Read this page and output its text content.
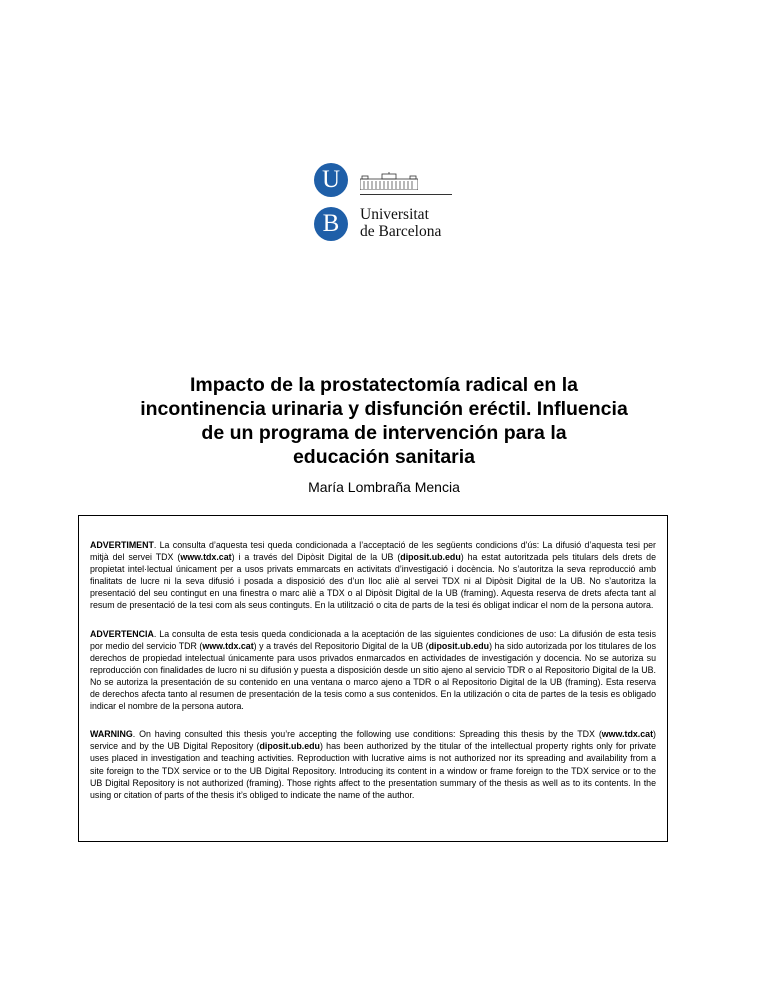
U
B	Universitat
de Barcelona
Impacto de la prostatectomía radical en la
incontinencia urinaria y disfunción eréctil. Influencia
de un programa de intervención para la
educación sanitaria

María Lombraña Mencia

ADVERTIMENT. La consulta d’aquesta tesi queda condicionada a l’acceptació de les següents condicions d'ús: La difusió d’aquesta tesi per mitjà del servei TDX (www.tdx.cat) i a través del Dipòsit Digital de la UB (diposit.ub.edu) ha estat autoritzada pels titulars dels drets de propietat intel·lectual únicament per a usos privats emmarcats en activitats d’investigació i docència. No s’autoritza la seva reproducció amb finalitats de lucre ni la seva difusió i posada a disposició des d’un lloc aliè al servei TDX ni al Dipòsit Digital de la UB. No s’autoritza la presentació del seu contingut en una finestra o marc aliè a TDX o al Dipòsit Digital de la UB (framing). Aquesta reserva de drets afecta tant al resum de presentació de la tesi com als seus continguts. En la utilització o cita de parts de la tesi és obligat indicar el nom de la persona autora.

ADVERTENCIA. La consulta de esta tesis queda condicionada a la aceptación de las siguientes condiciones de uso: La difusión de esta tesis por medio del servicio TDR (www.tdx.cat) y a través del Repositorio Digital de la UB (diposit.ub.edu) ha sido autorizada por los titulares de los derechos de propiedad intelectual únicamente para usos privados enmarcados en actividades de investigación y docencia. No se autoriza su reproducción con finalidades de lucro ni su difusión y puesta a disposición desde un sitio ajeno al servicio TDR o al Repositorio Digital de la UB. No se autoriza la presentación de su contenido en una ventana o marco ajeno a TDR o al Repositorio Digital de la UB (framing). Esta reserva de derechos afecta tanto al resumen de presentación de la tesis como a sus contenidos. En la utilización o cita de partes de la tesis es obligado indicar el nombre de la persona autora.

WARNING. On having consulted this thesis you’re accepting the following use conditions: Spreading this thesis by the TDX (www.tdx.cat) service and by the UB Digital Repository (diposit.ub.edu) has been authorized by the titular of the intellectual property rights only for private uses placed in investigation and teaching activities. Reproduction with lucrative aims is not authorized nor its spreading and availability from a site foreign to the TDX service or to the UB Digital Repository. Introducing its content in a window or frame foreign to the TDX service or to the UB Digital Repository is not authorized (framing). Those rights affect to the presentation summary of the thesis as well as to its contents. In the using or citation of parts of the thesis it’s obliged to indicate the name of the author.
